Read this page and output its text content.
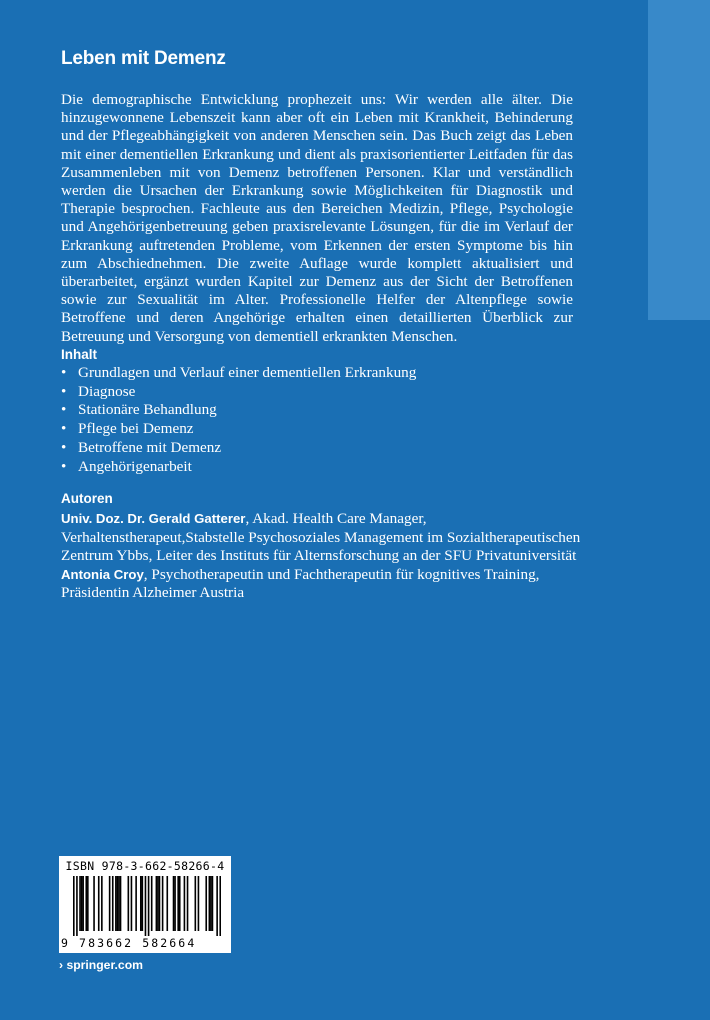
Leben mit Demenz

Die demographische Entwicklung prophezeit uns: Wir werden alle älter. Die hinzugewonnene Lebenszeit kann aber oft ein Leben mit Krankheit, Behinderung und der Pflegeabhängigkeit von anderen Menschen sein. Das Buch zeigt das Leben mit einer dementiellen Erkrankung und dient als praxisorientierter Leitfaden für das Zusammenleben mit von Demenz betroffenen Personen. Klar und verständlich werden die Ursachen der Erkrankung sowie Möglichkeiten für Diagnostik und Therapie besprochen. Fachleute aus den Bereichen Medizin, Pflege, Psychologie und Angehörigenbetreuung geben praxisrelevante Lösungen, für die im Verlauf der Erkrankung auftretenden Probleme, vom Erkennen der ersten Symptome bis hin zum Abschiednehmen. Die zweite Auflage wurde komplett aktualisiert und überarbeitet, ergänzt wurden Kapitel zur Demenz aus der Sicht der Betroffenen sowie zur Sexualität im Alter. Professionelle Helfer der Altenpflege sowie Betroffene und deren Angehörige erhalten einen detaillierten Überblick zur Betreuung und Versorgung von dementiell erkrankten Menschen.

Inhalt
• Grundlagen und Verlauf einer dementiellen Erkrankung
• Diagnose
• Stationäre Behandlung
• Pflege bei Demenz
• Betroffene mit Demenz
• Angehörigenarbeit
Autoren

Univ. Doz. Dr. Gerald Gatterer, Akad. Health Care Manager, Verhaltenstherapeut,Stabstelle Psychosoziales Management im Sozialtherapeutischen Zentrum Ybbs, Leiter des Instituts für Alternsforschung an der SFU Privatuniversität

Antonia Croy, Psychotherapeutin und Fachtherapeutin für kognitives Training, Präsidentin Alzheimer Austria

ISBN 978-3-662-58266-4
9 783662 582664

› springer.com
